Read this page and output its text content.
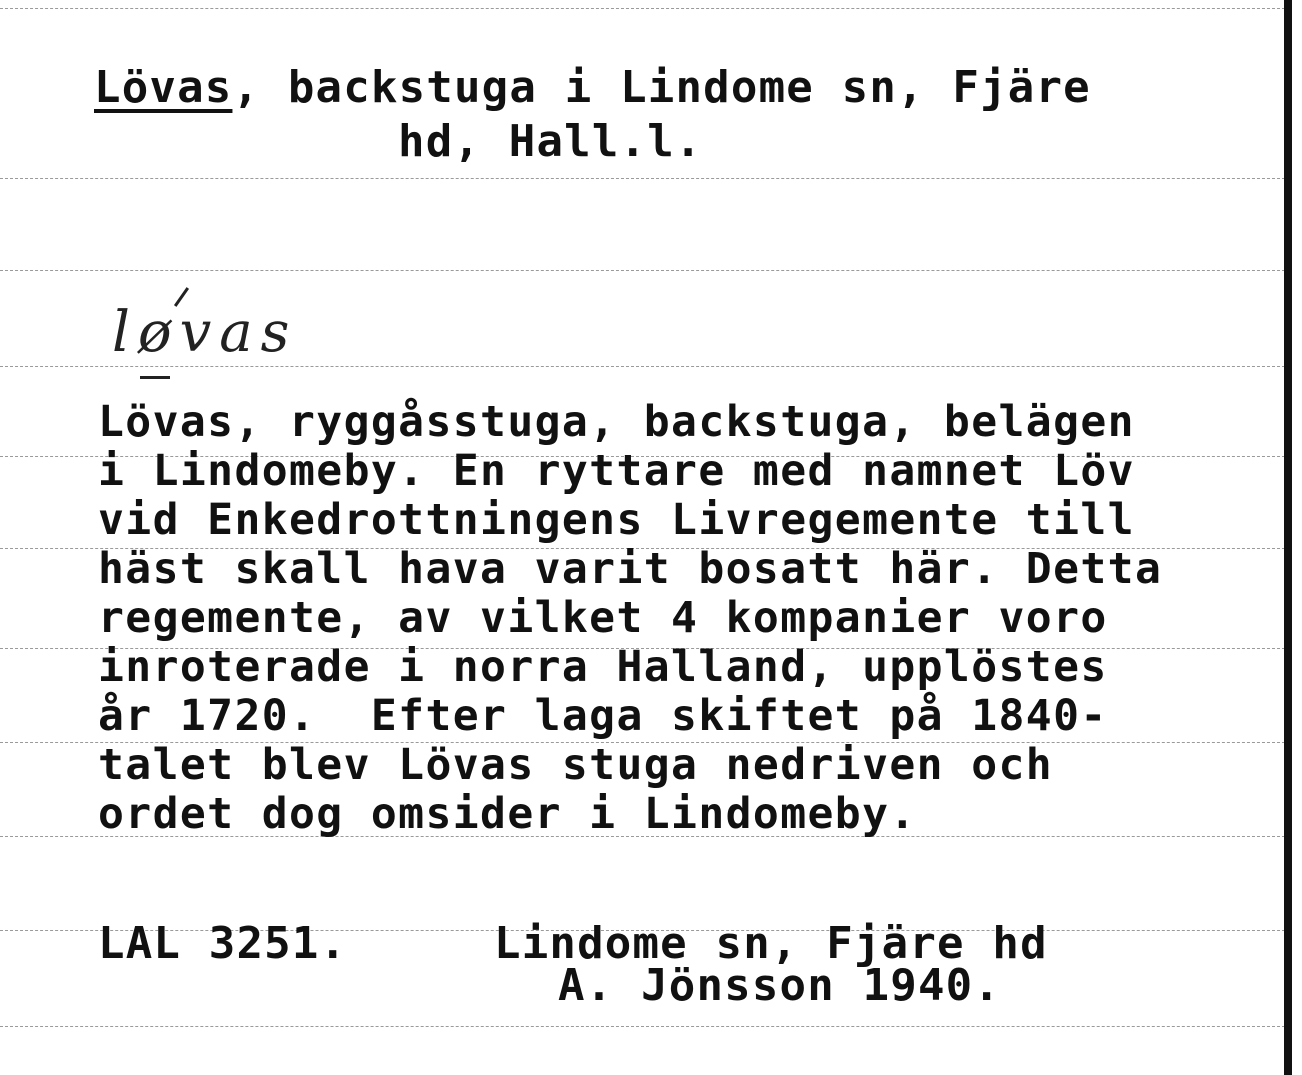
Lövas, backstuga i Lindome sn, Fjäre
hd, Hall.l.
løvas
Lövas, ryggåsstuga, backstuga, belägen
i Lindomeby. En ryttare med namnet Löv
vid Enkedrottningens Livregemente till
häst skall hava varit bosatt här. Detta
regemente, av vilket 4 kompanier voro
inroterade i norra Halland, upplöstes
år 1720.  Efter laga skiftet på 1840-
talet blev Lövas stuga nedriven och
ordet dog omsider i Lindomeby.
LAL 3251.	Lindome sn, Fjäre hd
A. Jönsson 1940.
